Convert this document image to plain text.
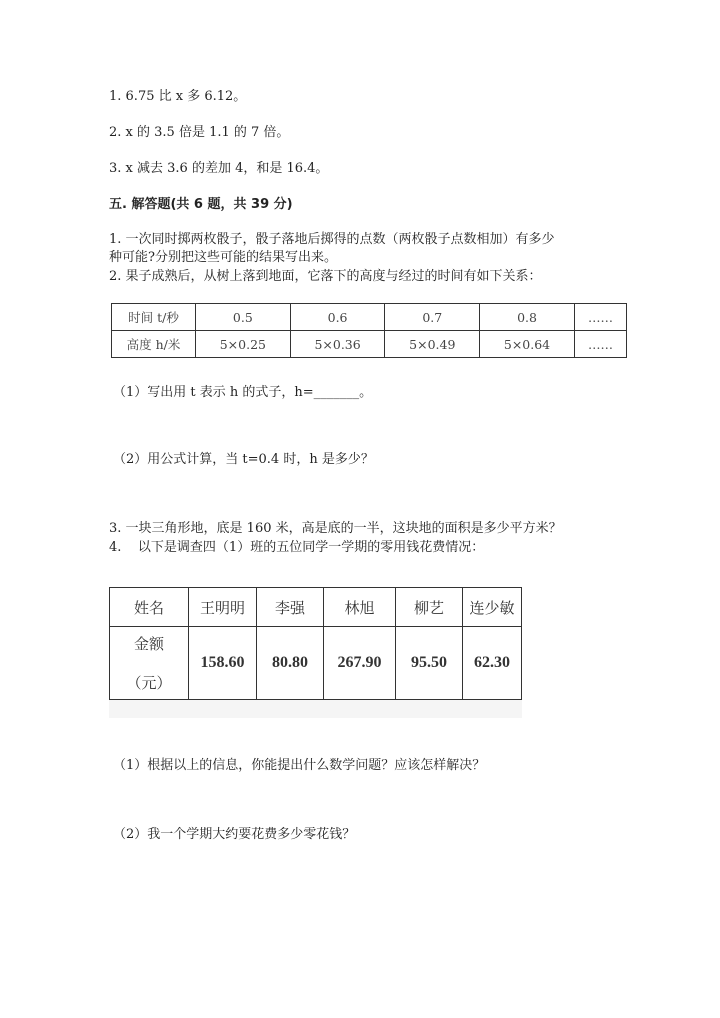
1. 6.75 比 x 多 6.12。
2. x 的 3.5 倍是 1.1 的 7 倍。
3. x 减去 3.6 的差加 4，和是 16.4。
五. 解答题(共 6 题，共 39 分)
1. 一次同时掷两枚骰子，骰子落地后掷得的点数（两枚骰子点数相加）有多少
种可能?分别把这些可能的结果写出来。
2. 果子成熟后，从树上落到地面，它落下的高度与经过的时间有如下关系：
时间 t/秒	0.5	0.6	0.7	0.8	……
高度 h/米	5×0.25	5×0.36	5×0.49	5×0.64	……
（1）写出用 t 表示 h 的式子，h=_______。
（2）用公式计算，当 t=0.4 时，h 是多少？
3. 一块三角形地，底是 160 米，高是底的一半，这块地的面积是多少平方米？
4.    以下是调查四（1）班的五位同学一学期的零用钱花费情况：
姓名	王明明	李强	林旭	柳艺	连少敏

金额
（元）	158.60	80.80	267.90	95.50	62.30
（1）根据以上的信息，你能提出什么数学问题？应该怎样解决？
（2）我一个学期大约要花费多少零花钱？
